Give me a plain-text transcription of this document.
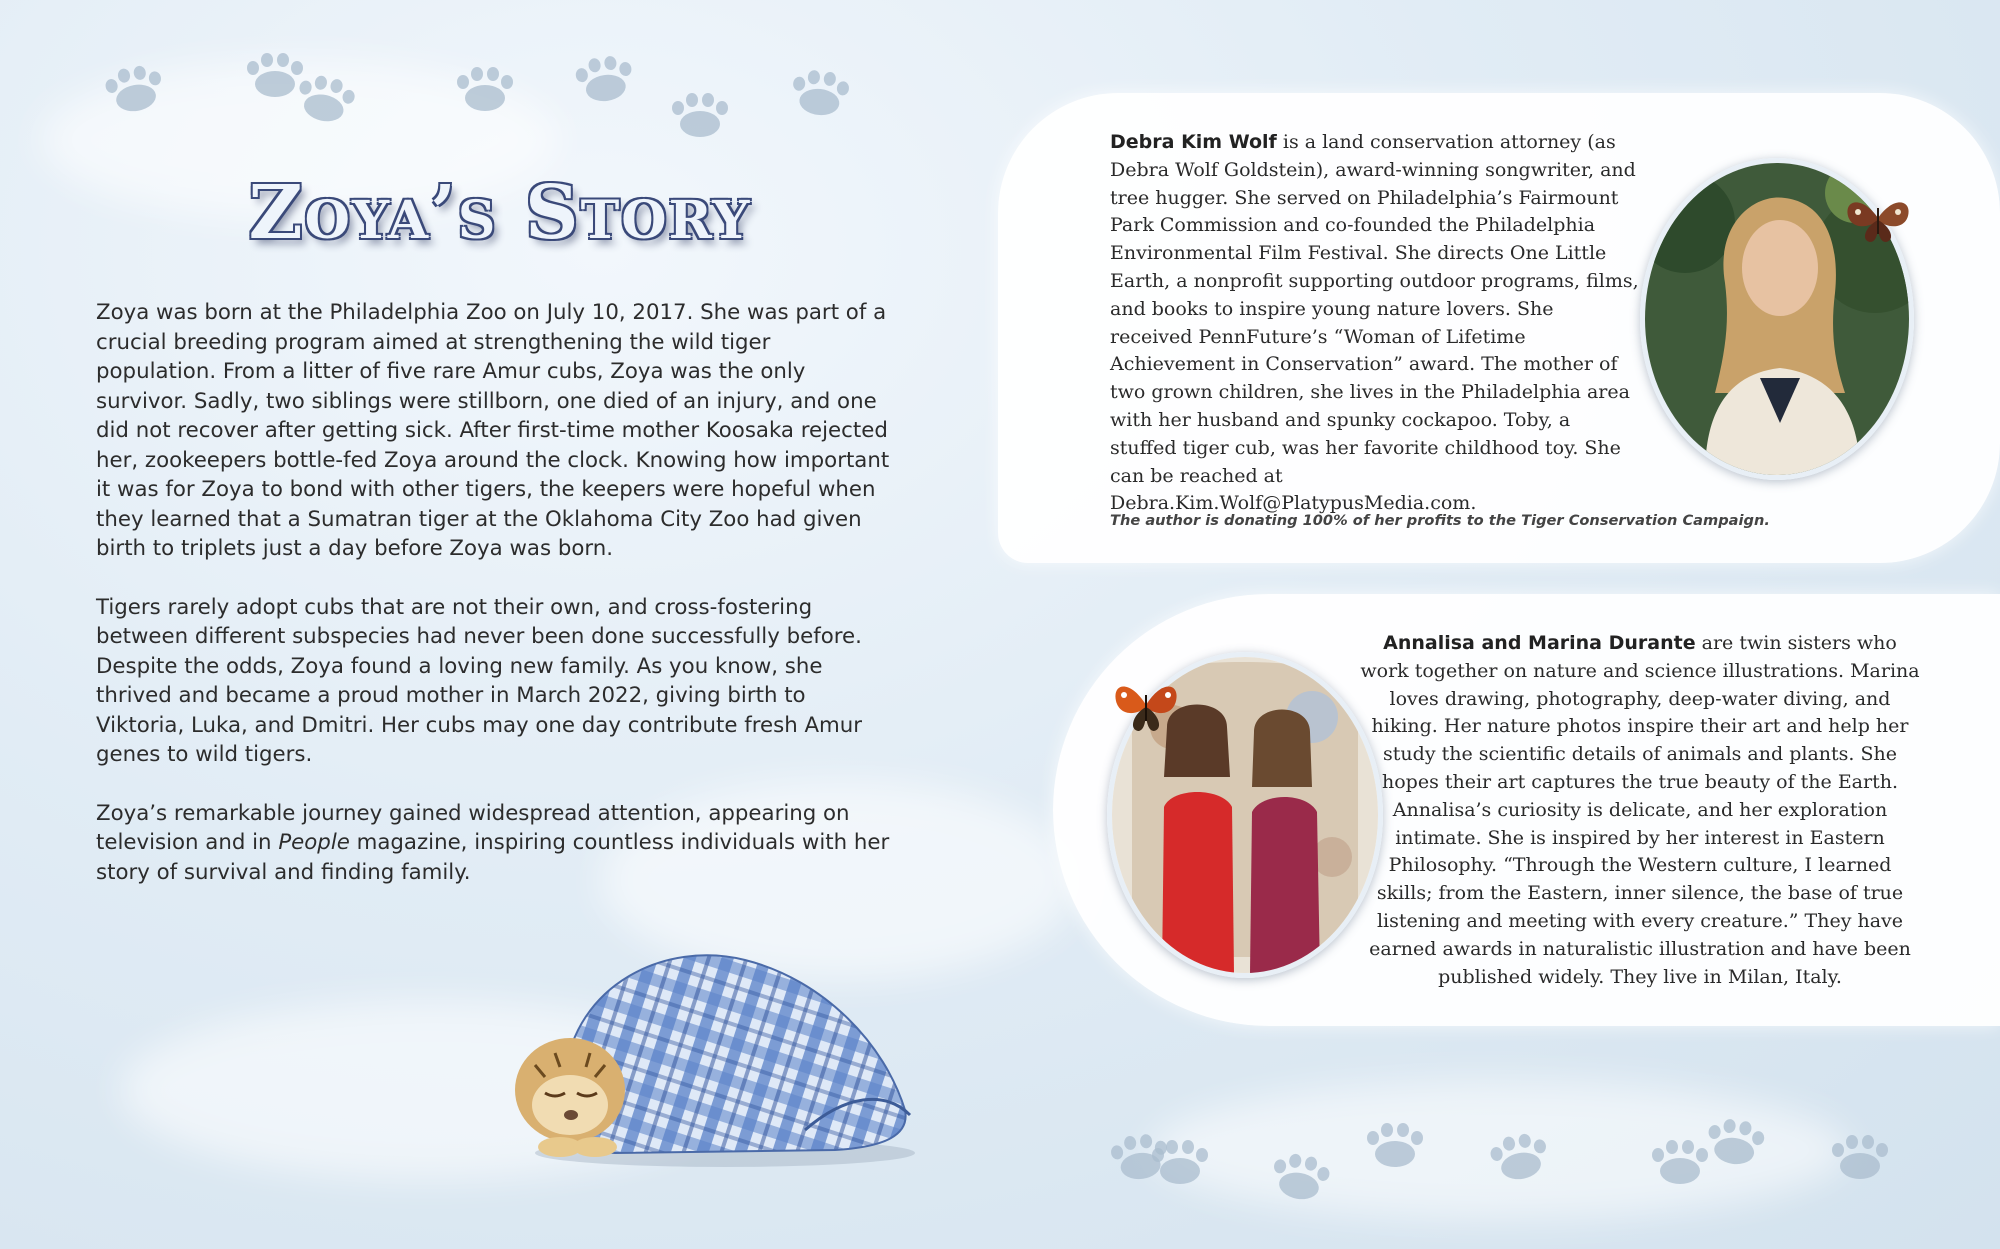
Zoya’s Story

Zoya was born at the Philadelphia Zoo on July 10, 2017. She was part of a crucial breeding program aimed at strengthening the wild tiger population. From a litter of five rare Amur cubs, Zoya was the only survivor. Sadly, two siblings were stillborn, one died of an injury, and one did not recover after getting sick. After first-time mother Koosaka rejected her, zookeepers bottle-fed Zoya around the clock. Knowing how important it was for Zoya to bond with other tigers, the keepers were hopeful when they learned that a Sumatran tiger at the Oklahoma City Zoo had given birth to triplets just a day before Zoya was born.

Tigers rarely adopt cubs that are not their own, and cross-fostering between different subspecies had never been done successfully before. Despite the odds, Zoya found a loving new family. As you know, she thrived and became a proud mother in March 2022, giving birth to Viktoria, Luka, and Dmitri. Her cubs may one day contribute fresh Amur genes to wild tigers.

Zoya’s remarkable journey gained widespread attention, appearing on television and in People magazine, inspiring countless individuals with her story of survival and finding family.

Debra Kim Wolf is a land conservation attorney (as Debra Wolf Goldstein), award-winning songwriter, and tree hugger. She served on Philadelphia’s Fairmount Park Commission and co-founded the Philadelphia Environmental Film Festival. She directs One Little Earth, a nonprofit supporting outdoor programs, films, and books to inspire young nature lovers. She received PennFuture’s “Woman of Lifetime Achievement in Conservation” award. The mother of two grown children, she lives in the Philadelphia area with her husband and spunky cockapoo. Toby, a stuffed tiger cub, was her favorite childhood toy. She can be reached at Debra.Kim.Wolf@PlatypusMedia.com.
The author is donating 100% of her profits to the Tiger Conservation Campaign.
Annalisa and Marina Durante are twin sisters who work together on nature and science illustrations. Marina loves drawing, photography, deep-water diving, and hiking. Her nature photos inspire their art and help her study the scientific details of animals and plants. She hopes their art captures the true beauty of the Earth. Annalisa’s curiosity is delicate, and her exploration intimate. She is inspired by her interest in Eastern Philosophy. “Through the Western culture, I learned skills; from the Eastern, inner silence, the base of true listening and meeting with every creature.” They have earned awards in naturalistic illustration and have been published widely. They live in Milan, Italy.
